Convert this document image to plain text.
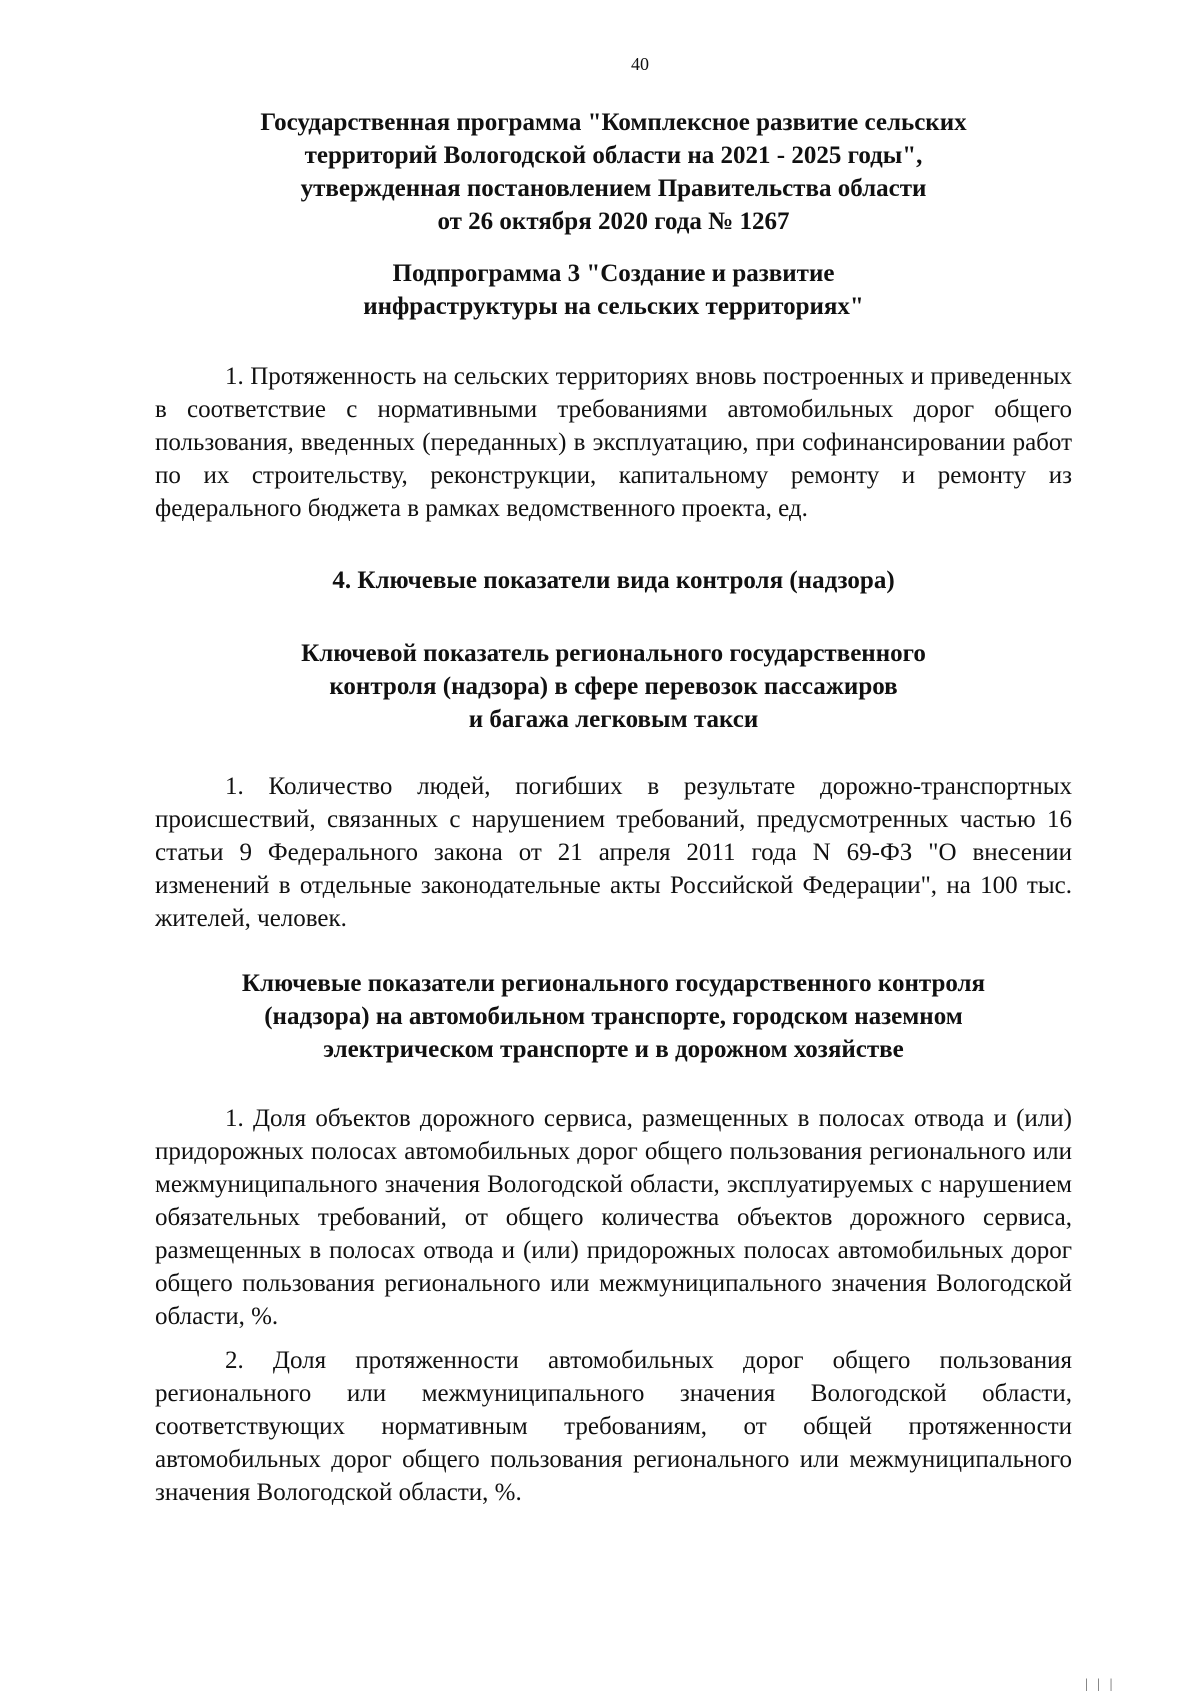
40
Государственная программа "Комплексное развитие сельских
территорий Вологодской области на 2021 - 2025 годы",
утвержденная постановлением Правительства области
от 26 октября 2020 года № 1267
Подпрограмма 3 "Создание и развитие
инфраструктуры на сельских территориях"

1. Протяженность на сельских территориях вновь построенных и приведенных в соответствие с нормативными требованиями автомобильных дорог общего пользования, введенных (переданных) в эксплуатацию, при софинансировании работ по их строительству, реконструкции, капитальному ремонту и ремонту из федерального бюджета в рамках ведомственного проекта, ед.

4. Ключевые показатели вида контроля (надзора)
Ключевой показатель регионального государственного
контроля (надзора) в сфере перевозок пассажиров
и багажа легковым такси

1. Количество людей, погибших в результате дорожно-транспортных происшествий, связанных с нарушением требований, предусмотренных частью 16 статьи 9 Федерального закона от 21 апреля 2011 года N 69-ФЗ "О внесении изменений в отдельные законодательные акты Российской Федерации", на 100 тыс. жителей, человек.

Ключевые показатели регионального государственного контроля
(надзора) на автомобильном транспорте, городском наземном
электрическом транспорте и в дорожном хозяйстве

1. Доля объектов дорожного сервиса, размещенных в полосах отвода и (или) придорожных полосах автомобильных дорог общего пользования регионального или межмуниципального значения Вологодской области, эксплуатируемых с нарушением обязательных требований, от общего количества объектов дорожного сервиса, размещенных в полосах отвода и (или) придорожных полосах автомобильных дорог общего пользования регионального или межмуниципального значения Вологодской области, %.

2. Доля протяженности автомобильных дорог общего пользования регионального или межмуниципального значения Вологодской области, соответствующих нормативным требованиям, от общей протяженности автомобильных дорог общего пользования регионального или межмуниципального значения Вологодской области, %.

| | |
